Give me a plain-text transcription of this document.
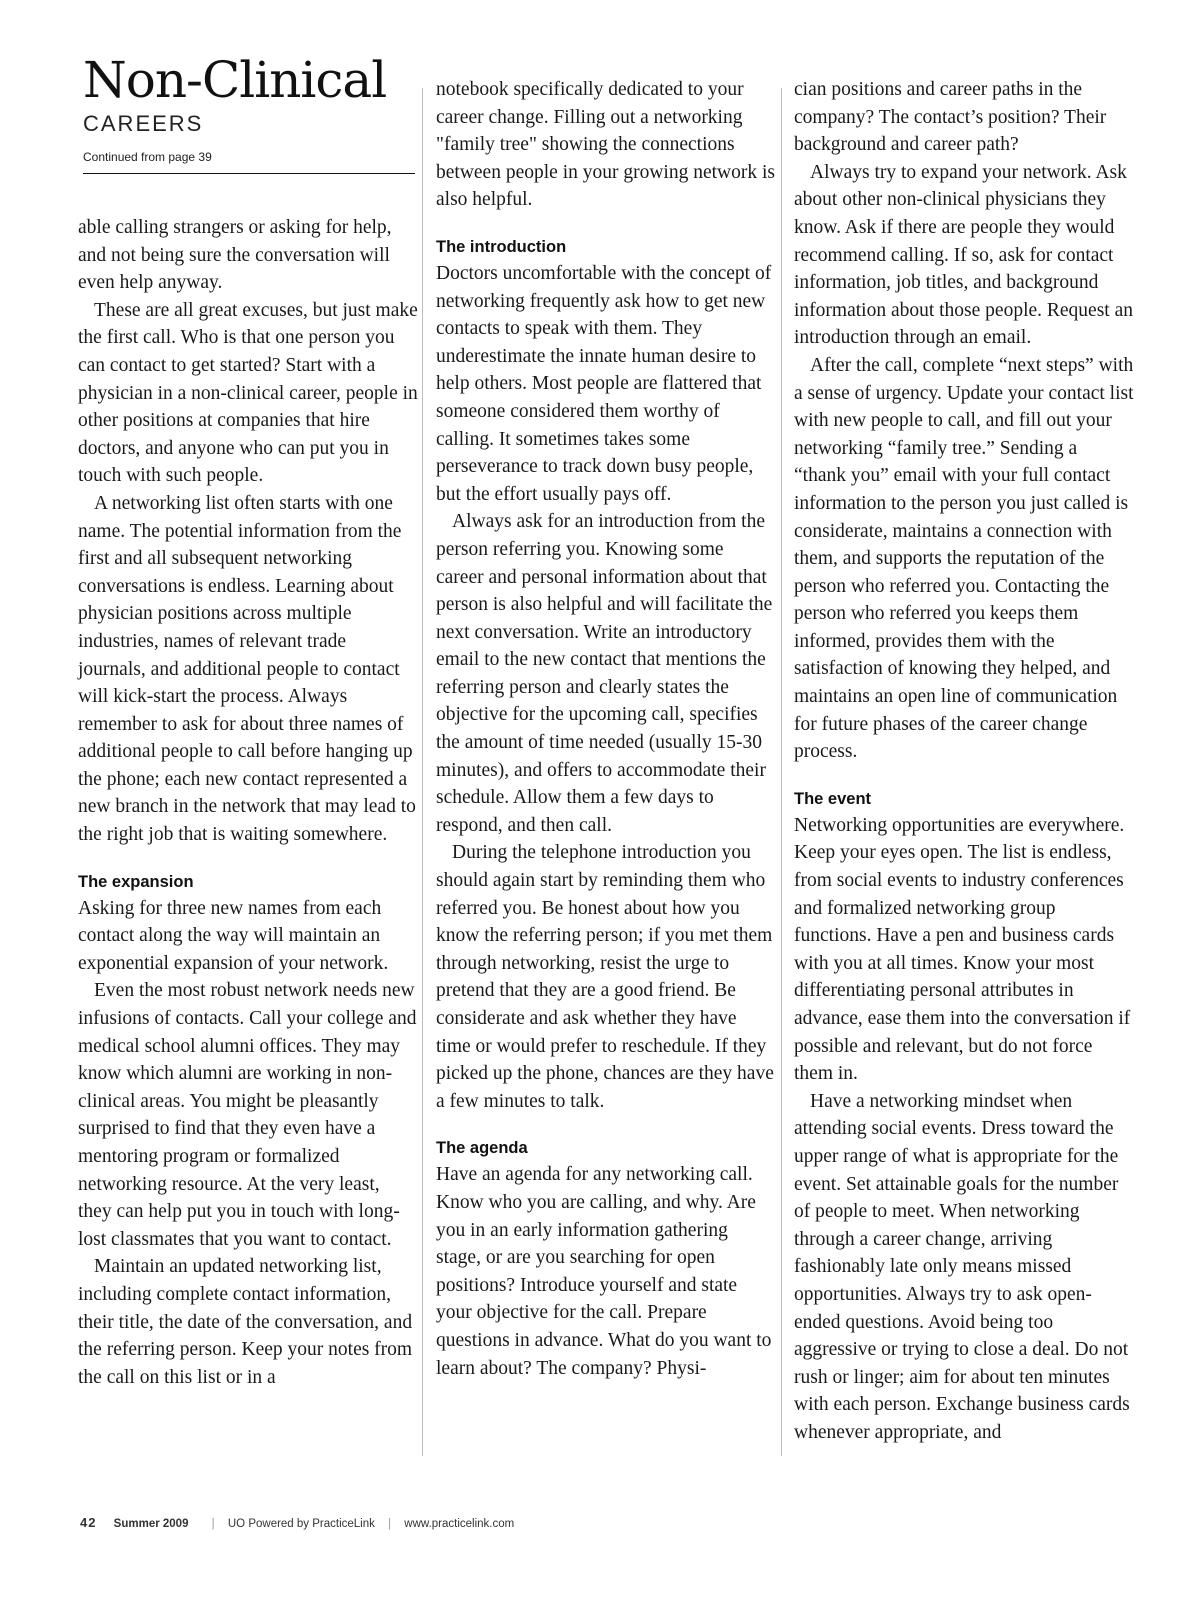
Non-Clinical
CAREERS
Continued from page 39

able calling strangers or asking for help, and not being sure the conversation will even help anyway.

These are all great excuses, but just make the first call. Who is that one person you can contact to get started? Start with a physician in a non-clinical career, people in other positions at companies that hire doctors, and anyone who can put you in touch with such people.

A networking list often starts with one name. The potential information from the first and all subsequent networking conversations is endless. Learning about physician positions across multiple industries, names of relevant trade journals, and additional people to contact will kick-start the process. Always remember to ask for about three names of additional people to call before hanging up the phone; each new contact represented a new branch in the network that may lead to the right job that is waiting somewhere.

The expansion

Asking for three new names from each contact along the way will maintain an exponential expansion of your network.

Even the most robust network needs new infusions of contacts. Call your college and medical school alumni offices. They may know which alumni are working in non-clinical areas. You might be pleasantly surprised to find that they even have a mentoring program or formalized networking resource. At the very least, they can help put you in touch with long-lost classmates that you want to contact.

Maintain an updated networking list, including complete contact information, their title, the date of the conversation, and the referring person. Keep your notes from the call on this list or in a

notebook specifically dedicated to your career change. Filling out a networking "family tree" showing the connections between people in your growing network is also helpful.

The introduction

Doctors uncomfortable with the concept of networking frequently ask how to get new contacts to speak with them. They underestimate the innate human desire to help others. Most people are flattered that someone considered them worthy of calling. It sometimes takes some perseverance to track down busy people, but the effort usually pays off.

Always ask for an introduction from the person referring you. Knowing some career and personal information about that person is also helpful and will facilitate the next conversation. Write an introductory email to the new contact that mentions the referring person and clearly states the objective for the upcoming call, specifies the amount of time needed (usually 15-30 minutes), and offers to accommodate their schedule. Allow them a few days to respond, and then call.

During the telephone introduction you should again start by reminding them who referred you. Be honest about how you know the referring person; if you met them through networking, resist the urge to pretend that they are a good friend. Be considerate and ask whether they have time or would prefer to reschedule. If they picked up the phone, chances are they have a few minutes to talk.

The agenda

Have an agenda for any networking call. Know who you are calling, and why. Are you in an early information gathering stage, or are you searching for open positions? Introduce yourself and state your objective for the call. Prepare questions in advance. What do you want to learn about? The company? Physi-

cian positions and career paths in the company? The contact’s position? Their background and career path?

Always try to expand your network. Ask about other non-clinical physicians they know. Ask if there are people they would recommend calling. If so, ask for contact information, job titles, and background information about those people. Request an introduction through an email.

After the call, complete “next steps” with a sense of urgency. Update your contact list with new people to call, and fill out your networking “family tree.” Sending a “thank you” email with your full contact information to the person you just called is considerate, maintains a connection with them, and supports the reputation of the person who referred you. Contacting the person who referred you keeps them informed, provides them with the satisfaction of knowing they helped, and maintains an open line of communication for future phases of the career change process.

The event

Networking opportunities are everywhere. Keep your eyes open. The list is endless, from social events to industry conferences and formalized networking group functions. Have a pen and business cards with you at all times. Know your most differentiating personal attributes in advance, ease them into the conversation if possible and relevant, but do not force them in.

Have a networking mindset when attending social events. Dress toward the upper range of what is appropriate for the event. Set attainable goals for the number of people to meet. When networking through a career change, arriving fashionably late only means missed opportunities. Always try to ask open-ended questions. Avoid being too aggressive or trying to close a deal. Do not rush or linger; aim for about ten minutes with each person. Exchange business cards whenever appropriate, and

42 Summer 2009 | UO Powered by PracticeLink | www.practicelink.com
